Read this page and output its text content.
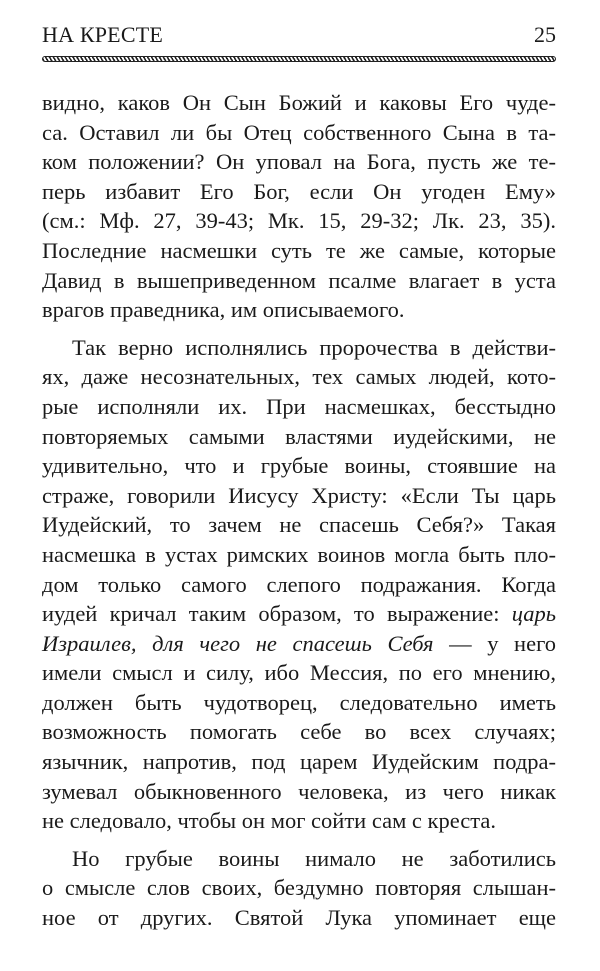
НА КРЕСТЕ	25
видно, каков Он Сын Божий и каковы Его чуде-
са. Оставил ли бы Отец собственного Сына в та-
ком положении? Он уповал на Бога, пусть же те-
перь избавит Его Бог, если Он угоден Ему»
(см.: Мф. 27, 39-43; Мк. 15, 29-32; Лк. 23, 35).
Последние насмешки суть те же самые, которые
Давид в вышеприведенном псалме влагает в уста
врагов праведника, им описываемого.
Так верно исполнялись пророчества в действи-
ях, даже несознательных, тех самых людей, кото-
рые исполняли их. При насмешках, бесстыдно
повторяемых самыми властями иудейскими, не
удивительно, что и грубые воины, стоявшие на
страже, говорили Иисусу Христу: «Если Ты царь
Иудейский, то зачем не спасешь Себя?» Такая
насмешка в устах римских воинов могла быть пло-
дом только самого слепого подражания. Когда
иудей кричал таким образом, то выражение: царь
Израилев, для чего не спасешь Себя — у него
имели смысл и силу, ибо Мессия, по его мнению,
должен быть чудотворец, следовательно иметь
возможность помогать себе во всех случаях;
язычник, напротив, под царем Иудейским подра-
зумевал обыкновенного человека, из чего никак
не следовало, чтобы он мог сойти сам с креста.
Но грубые воины нимало не заботились
о смысле слов своих, бездумно повторяя слышан-
ное от других. Святой Лука упоминает еще
